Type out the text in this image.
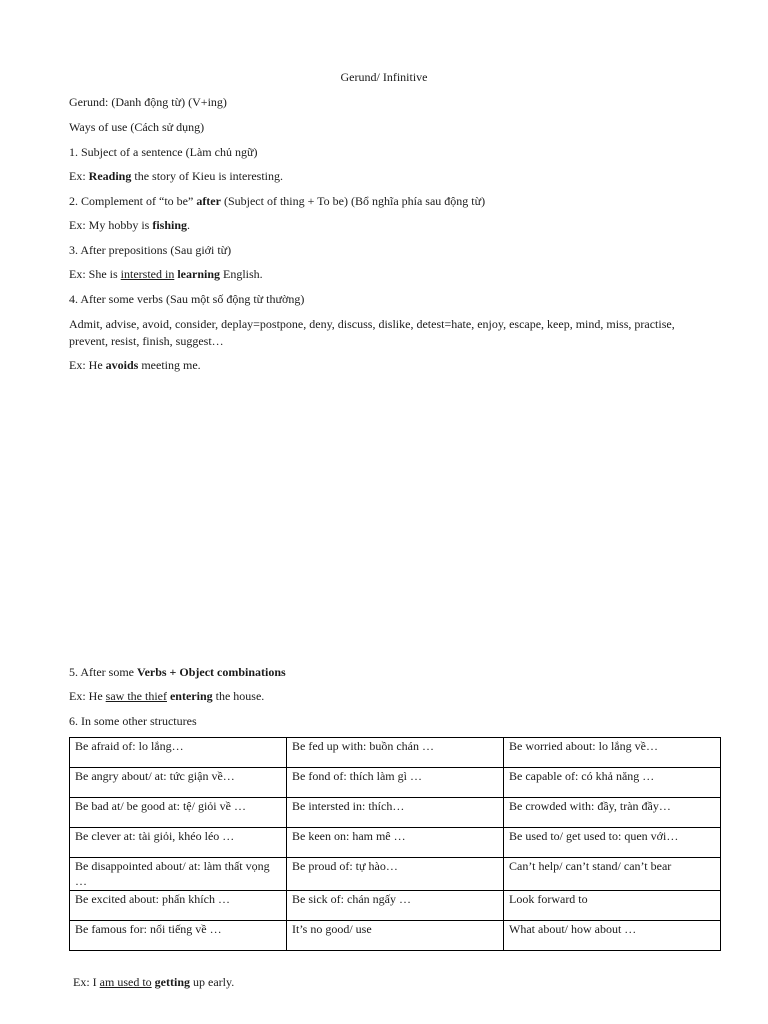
Gerund/ Infinitive
Gerund: (Danh động từ) (V+ing)
Ways of use (Cách sử dụng)
1. Subject of a sentence (Làm chủ ngữ)
Ex: Reading the story of Kieu is interesting.
2. Complement of “to be” after (Subject of thing + To be) (Bổ nghĩa phía sau động từ)
Ex: My hobby is fishing.
3. After prepositions (Sau giới từ)
Ex: She is intersted in learning English.
4. After some verbs (Sau một số động từ thường)
Admit, advise, avoid, consider, deplay=postpone, deny, discuss, dislike, detest=hate, enjoy, escape, keep, mind, miss, practise, prevent, resist, finish, suggest…
Ex: He avoids meeting me.
5. After some Verbs + Object combinations
Ex: He saw the thief entering the house.
6. In some other structures
Be afraid of: lo lắng…	Be fed up with: buồn chán …	Be worried about: lo lắng về…
Be angry about/ at: tức giận về…	Be fond of: thích làm gì …	Be capable of: có khả năng …
Be bad at/ be good at: tệ/ giỏi về …	Be intersted in: thích…	Be crowded with: đầy, tràn đầy…
Be clever at: tài giỏi, khéo léo …	Be keen on: ham mê …	Be used to/ get used to: quen với…
Be disappointed about/ at: làm thất vọng …	Be proud of: tự hào…	Can’t help/ can’t stand/ can’t bear
Be excited about: phấn khích …	Be sick of: chán ngấy …	Look forward to
Be famous for: nổi tiếng về …	It’s no good/ use	What about/ how about …
Ex: I am used to getting up early.
